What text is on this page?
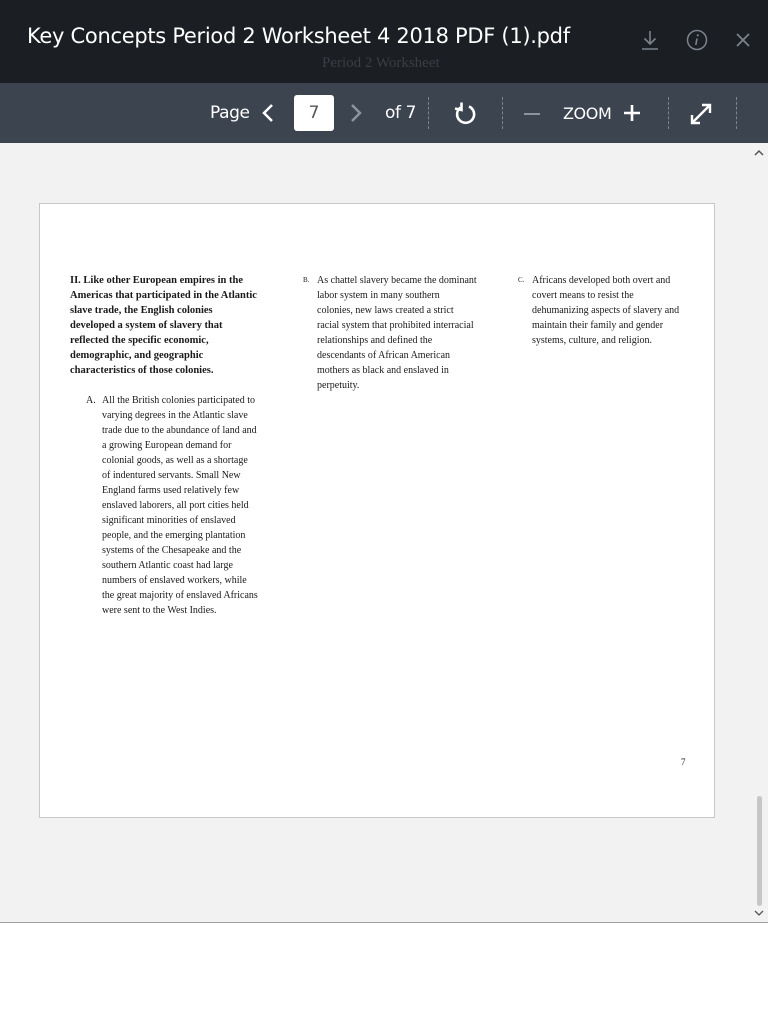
Key Concepts Period 2 Worksheet 4 2018 PDF (1).pdf
Period 2 Worksheet
Page
7	of 7	ZOOM
II. Like other European empires in the Americas that participated in the Atlantic slave trade, the English colonies developed a system of slavery that reflected the specific economic, demographic, and geographic characteristics of those colonies.
A. All the British colonies participated to varying degrees in the Atlantic slave trade due to the abundance of land and a growing European demand for colonial goods, as well as a shortage of indentured servants. Small New England farms used relatively few enslaved laborers, all port cities held significant minorities of enslaved people, and the emerging plantation systems of the Chesapeake and the southern Atlantic coast had large numbers of enslaved workers, while the great majority of enslaved Africans were sent to the West Indies.
B. As chattel slavery became the dominant labor system in many southern colonies, new laws created a strict racial system that prohibited interracial relationships and defined the descendants of African American mothers as black and enslaved in perpetuity.
C. Africans developed both overt and covert means to resist the dehumanizing aspects of slavery and maintain their family and gender systems, culture, and religion.
7
